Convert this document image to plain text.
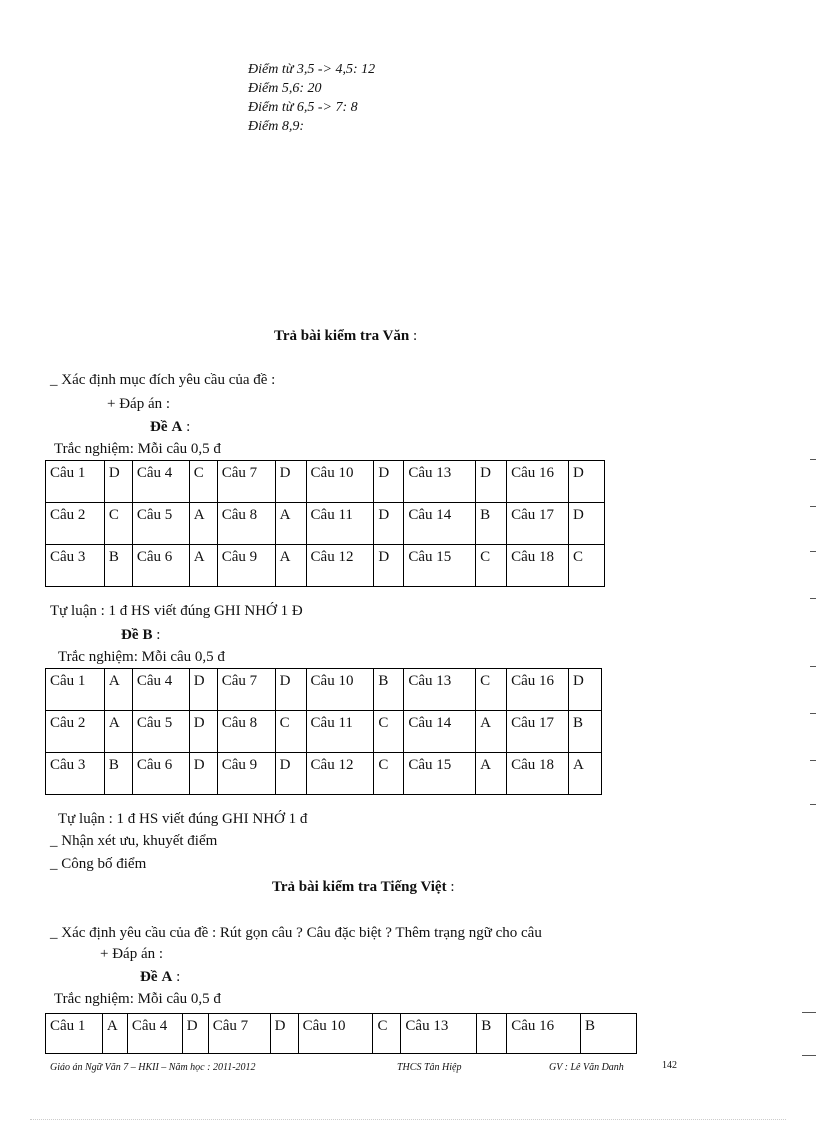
Điểm từ 3,5 -> 4,5: 12
Điểm 5,6: 20
Điểm từ 6,5 -> 7: 8
Điểm 8,9:
Trả bài kiểm tra Văn :
_ Xác định mục đích yêu cầu của đề :
+ Đáp án :
Đề A :
Trắc nghiệm: Mỗi câu 0,5 đ
Câu 1	D	Câu 4	C	Câu 7	D	Câu 10	D	Câu 13	D	Câu 16	D
Câu 2	C	Câu 5	A	Câu 8	A	Câu 11	D	Câu 14	B	Câu 17	D
Câu 3	B	Câu 6	A	Câu 9	A	Câu 12	D	Câu 15	C	Câu 18	C
Tự luận : 1 đ HS viết đúng GHI NHỚ 1 Đ
Đề B :
Trắc nghiệm: Mỗi câu 0,5 đ
Câu 1	A	Câu 4	D	Câu 7	D	Câu 10	B	Câu 13	C	Câu 16	D
Câu 2	A	Câu 5	D	Câu 8	C	Câu 11	C	Câu 14	A	Câu 17	B
Câu 3	B	Câu 6	D	Câu 9	D	Câu 12	C	Câu 15	A	Câu 18	A
Tự luận : 1 đ HS viết đúng GHI NHỚ 1 đ
_ Nhận xét ưu, khuyết điểm
_ Công bố điểm
Trả bài kiểm tra Tiếng Việt :
_ Xác định yêu cầu của đề : Rút gọn câu ? Câu đặc biệt ? Thêm trạng ngữ cho câu
+ Đáp án :
Đề A :
Trắc nghiệm: Mỗi câu 0,5 đ
Câu 1	A	Câu 4	D	Câu 7	D	Câu 10	C	Câu 13	B	Câu 16	B
Giáo án Ngữ Văn 7 – HKII – Năm học : 2011-2012	THCS Tân Hiệp	GV : Lê Văn Danh	142
